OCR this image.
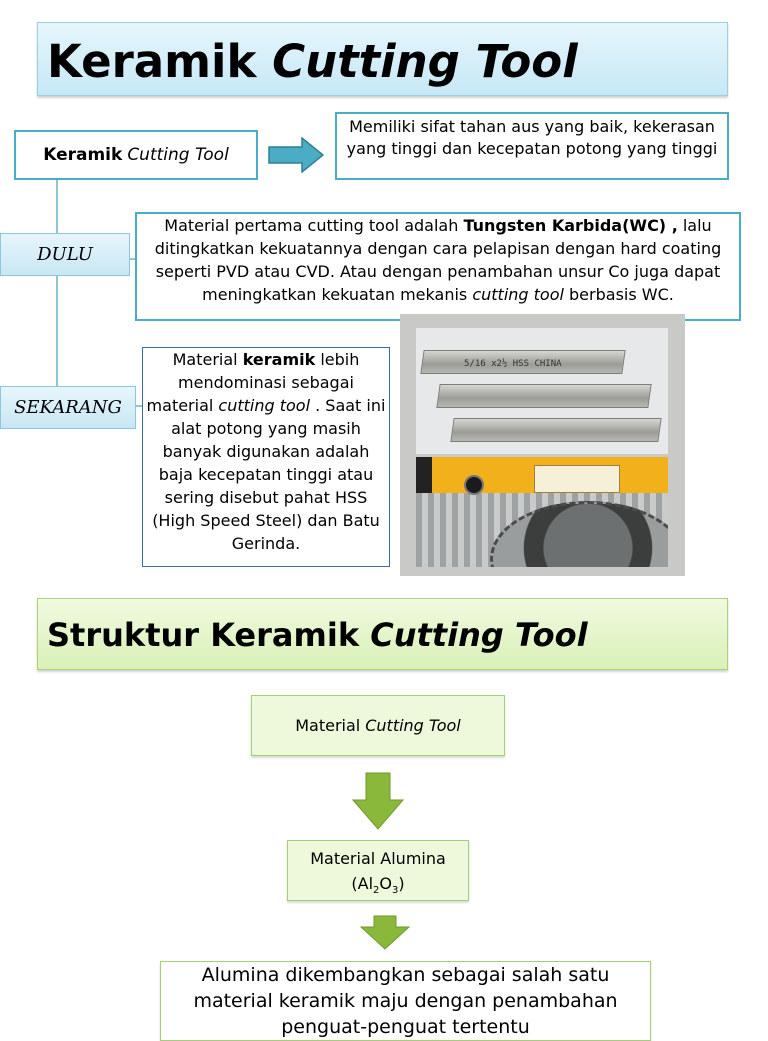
Keramik Cutting Tool
Keramik Cutting Tool
Memiliki sifat tahan aus yang baik, kekerasan yang tinggi dan kecepatan potong yang tinggi
DULU
SEKARANG
Material pertama cutting tool adalah Tungsten Karbida(WC) , lalu ditingkatkan kekuatannya dengan cara pelapisan dengan hard coating seperti PVD atau CVD. Atau dengan penambahan unsur Co juga dapat meningkatkan kekuatan mekanis cutting tool berbasis WC.
Material keramik lebih mendominasi sebagai material cutting tool . Saat ini alat potong yang masih banyak digunakan adalah baja kecepatan tinggi atau sering disebut pahat HSS (High Speed Steel) dan Batu Gerinda.
5/16 x2½ HSS CHINA
Struktur Keramik Cutting Tool
Material Cutting Tool
Material Alumina
$(Al_2O_3)$
Alumina dikembangkan sebagai salah satu material keramik maju dengan penambahan penguat-penguat tertentu
